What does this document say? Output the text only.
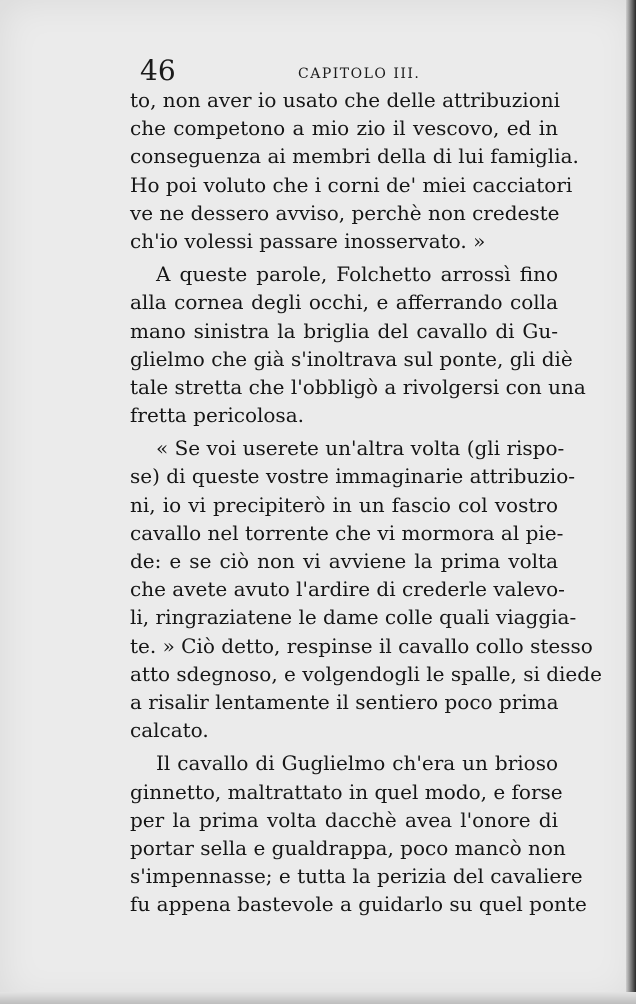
46	CAPITOLO III.
to, non aver io usato che delle attribuzioni
che competono a mio zio il vescovo, ed in
conseguenza ai membri della di lui famiglia.
Ho poi voluto che i corni de' miei cacciatori
ve ne dessero avviso, perchè non credeste
ch'io volessi passare inosservato. »
A queste parole, Folchetto arrossì fino
alla cornea degli occhi, e afferrando colla
mano sinistra la briglia del cavallo di Gu-
glielmo che già s'inoltrava sul ponte, gli diè
tale stretta che l'obbligò a rivolgersi con una
fretta pericolosa.
« Se voi userete un'altra volta (gli rispo-
se) di queste vostre immaginarie attribuzio-
ni, io vi precipiterò in un fascio col vostro
cavallo nel torrente che vi mormora al pie-
de: e se ciò non vi avviene la prima volta
che avete avuto l'ardire di crederle valevo-
li, ringraziatene le dame colle quali viaggia-
te. » Ciò detto, respinse il cavallo collo stesso
atto sdegnoso, e volgendogli le spalle, si diede
a risalir lentamente il sentiero poco prima
calcato.
Il cavallo di Guglielmo ch'era un brioso
ginnetto, maltrattato in quel modo, e forse
per la prima volta dacchè avea l'onore di
portar sella e gualdrappa, poco mancò non
s'impennasse; e tutta la perizia del cavaliere
fu appena bastevole a guidarlo su quel ponte
